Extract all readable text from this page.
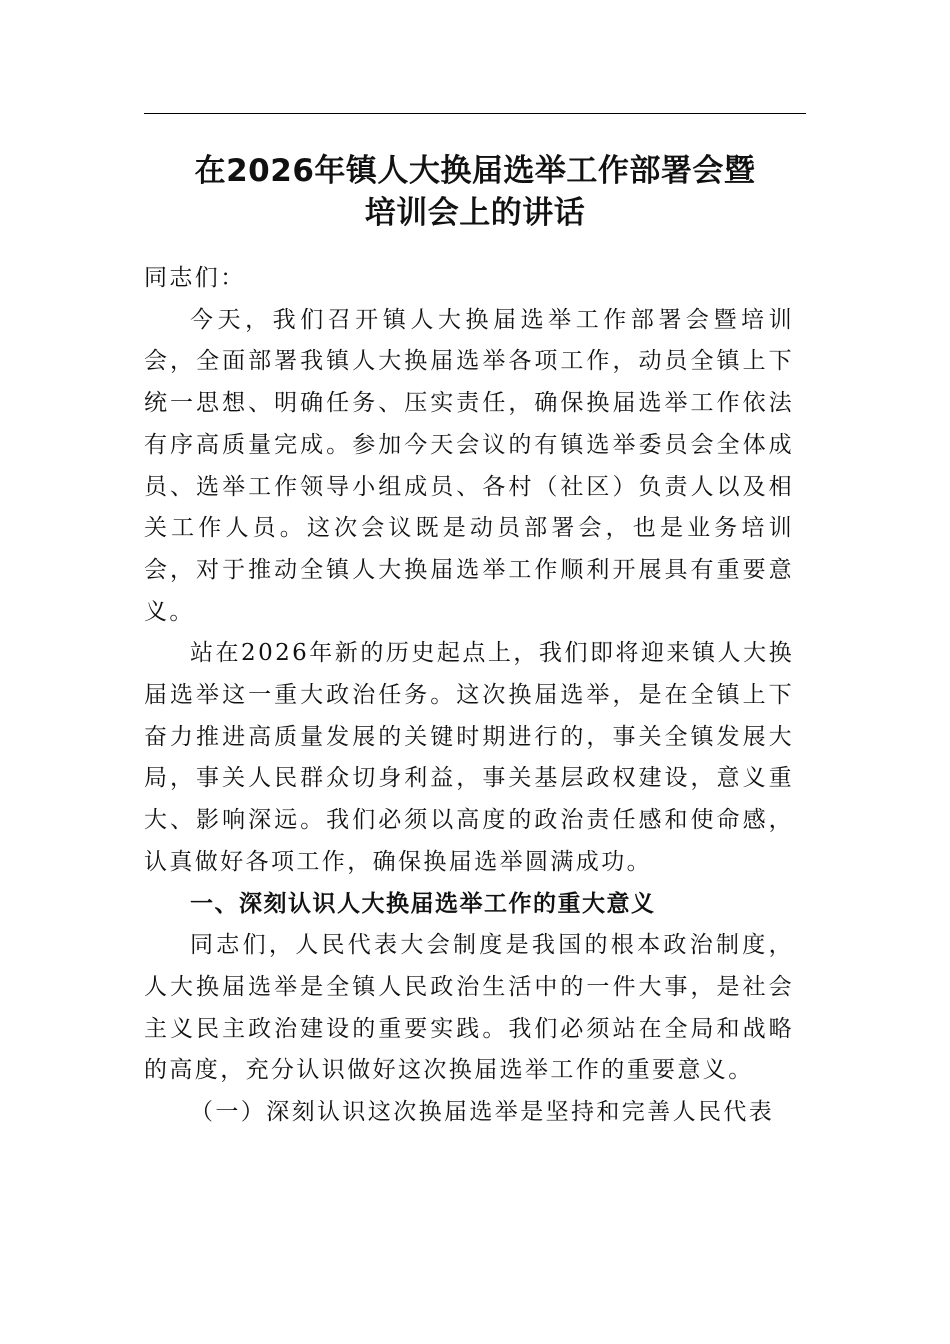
在2026年镇人大换届选举工作部署会暨
培训会上的讲话

同志们：

今天，我们召开镇人大换届选举工作部署会暨培训会，全面部署我镇人大换届选举各项工作，动员全镇上下统一思想、明确任务、压实责任，确保换届选举工作依法有序高质量完成。参加今天会议的有镇选举委员会全体成员、选举工作领导小组成员、各村（社区）负责人以及相关工作人员。这次会议既是动员部署会，也是业务培训会，对于推动全镇人大换届选举工作顺利开展具有重要意义。

站在2026年新的历史起点上，我们即将迎来镇人大换届选举这一重大政治任务。这次换届选举，是在全镇上下奋力推进高质量发展的关键时期进行的，事关全镇发展大局，事关人民群众切身利益，事关基层政权建设，意义重大、影响深远。我们必须以高度的政治责任感和使命感，认真做好各项工作，确保换届选举圆满成功。

一、深刻认识人大换届选举工作的重大意义

同志们，人民代表大会制度是我国的根本政治制度，人大换届选举是全镇人民政治生活中的一件大事，是社会主义民主政治建设的重要实践。我们必须站在全局和战略的高度，充分认识做好这次换届选举工作的重要意义。

（一）深刻认识这次换届选举是坚持和完善人民代表
